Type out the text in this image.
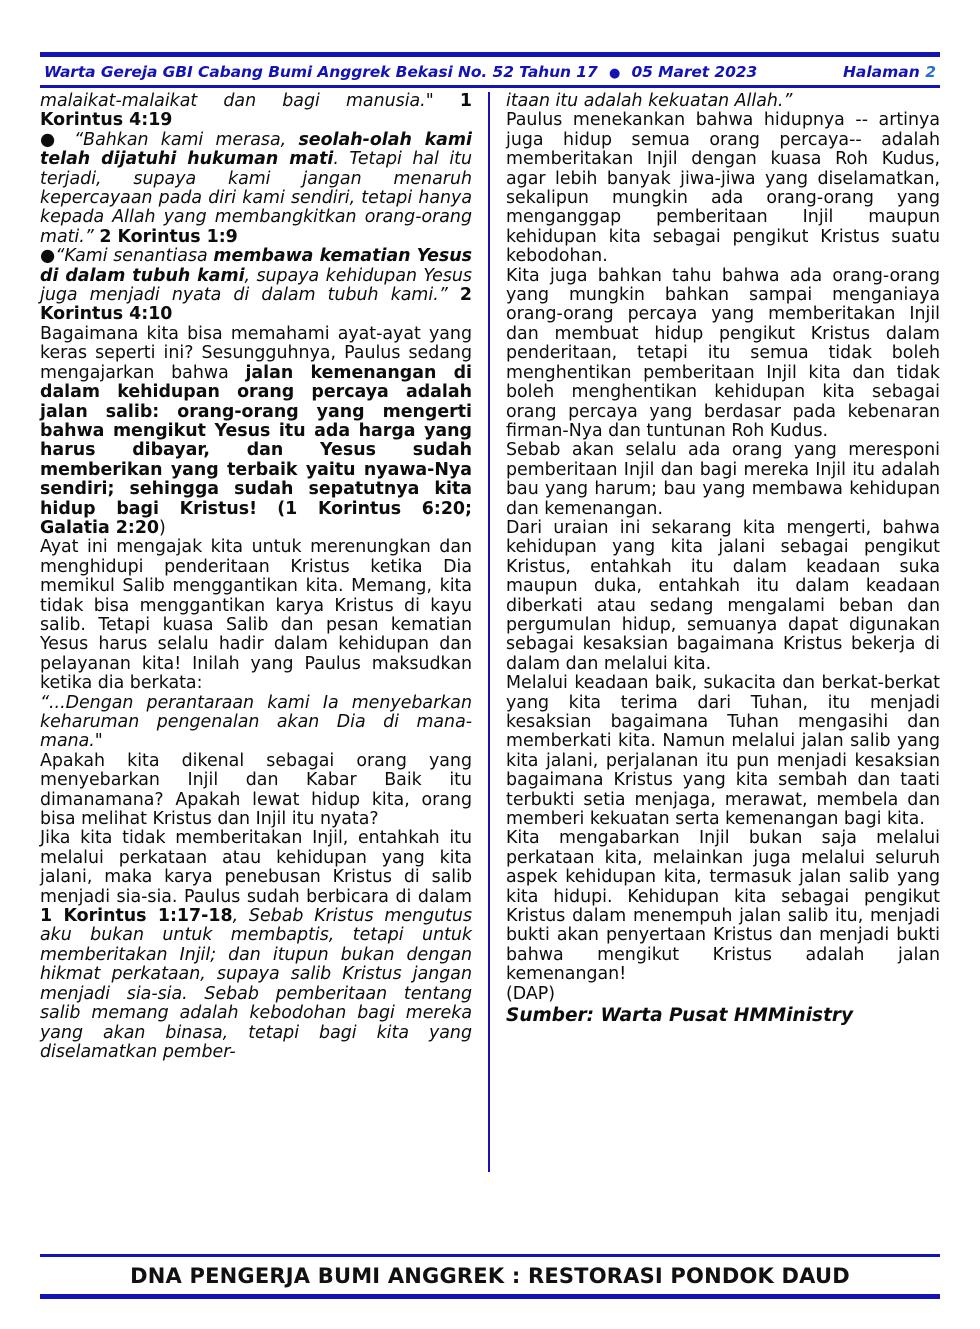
Warta Gereja GBI Cabang Bumi Anggrek Bekasi No. 52 Tahun 17 ● 05 Maret 2023	Halaman 2

malaikat-malaikat dan bagi manusia." 1 Korintus 4:19

● “Bahkan kami merasa, seolah-olah kami telah dijatuhi hukuman mati. Tetapi hal itu terjadi, supaya kami jangan menaruh kepercayaan pada diri kami sendiri, tetapi hanya kepada Allah yang membangkitkan orang-orang mati.” 2 Korintus 1:9

●“Kami senantiasa membawa kematian Yesus di dalam tubuh kami, supaya kehidupan Yesus juga menjadi nyata di dalam tubuh kami.” 2 Korintus 4:10

Bagaimana kita bisa memahami ayat-ayat yang keras seperti ini? Sesungguhnya, Paulus sedang mengajarkan bahwa jalan kemenangan di dalam kehidupan orang percaya adalah jalan salib: orang-orang yang mengerti bahwa mengikut Yesus itu ada harga yang harus dibayar, dan Yesus sudah memberikan yang terbaik yaitu nyawa-Nya sendiri; sehingga sudah sepatutnya kita hidup bagi Kristus! (1 Korintus 6:20; Galatia 2:20)

Ayat ini mengajak kita untuk merenungkan dan menghidupi penderitaan Kristus ketika Dia memikul Salib menggantikan kita. Memang, kita tidak bisa menggantikan karya Kristus di kayu salib. Tetapi kuasa Salib dan pesan kematian Yesus harus selalu hadir dalam kehidupan dan pelayanan kita! Inilah yang Paulus maksudkan ketika dia berkata:

“...Dengan perantaraan kami Ia menyebarkan keharuman pengenalan akan Dia di mana-mana."

Apakah kita dikenal sebagai orang yang menyebarkan Injil dan Kabar Baik itu dimanamana? Apakah lewat hidup kita, orang bisa melihat Kristus dan Injil itu nyata?

Jika kita tidak memberitakan Injil, entahkah itu melalui perkataan atau kehidupan yang kita jalani, maka karya penebusan Kristus di salib menjadi sia-sia. Paulus sudah berbicara di dalam 1 Korintus 1:17-18, Sebab Kristus mengutus aku bukan untuk membaptis, tetapi untuk memberitakan Injil; dan itupun bukan dengan hikmat perkataan, supaya salib Kristus jangan menjadi sia-sia. Sebab pemberitaan tentang salib memang adalah kebodohan bagi mereka yang akan binasa, tetapi bagi kita yang diselamatkan pember-

itaan itu adalah kekuatan Allah.”

Paulus menekankan bahwa hidupnya -- artinya juga hidup semua orang percaya-- adalah memberitakan Injil dengan kuasa Roh Kudus, agar lebih banyak jiwa-jiwa yang diselamatkan, sekalipun mungkin ada orang-orang yang menganggap pemberitaan Injil maupun kehidupan kita sebagai pengikut Kristus suatu kebodohan.

Kita juga bahkan tahu bahwa ada orang-orang yang mungkin bahkan sampai menganiaya orang-orang percaya yang memberitakan Injil dan membuat hidup pengikut Kristus dalam penderitaan, tetapi itu semua tidak boleh menghentikan pemberitaan Injil kita dan tidak boleh menghentikan kehidupan kita sebagai orang percaya yang berdasar pada kebenaran firman-Nya dan tuntunan Roh Kudus.

Sebab akan selalu ada orang yang meresponi pemberitaan Injil dan bagi mereka Injil itu adalah bau yang harum; bau yang membawa kehidupan dan kemenangan.

Dari uraian ini sekarang kita mengerti, bahwa kehidupan yang kita jalani sebagai pengikut Kristus, entahkah itu dalam keadaan suka maupun duka, entahkah itu dalam keadaan diberkati atau sedang mengalami beban dan pergumulan hidup, semuanya dapat digunakan sebagai kesaksian bagaimana Kristus bekerja di dalam dan melalui kita.

Melalui keadaan baik, sukacita dan berkat-berkat yang kita terima dari Tuhan, itu menjadi kesaksian bagaimana Tuhan mengasihi dan memberkati kita. Namun melalui jalan salib yang kita jalani, perjalanan itu pun menjadi kesaksian bagaimana Kristus yang kita sembah dan taati terbukti setia menjaga, merawat, membela dan memberi kekuatan serta kemenangan bagi kita.

Kita mengabarkan Injil bukan saja melalui perkataan kita, melainkan juga melalui seluruh aspek kehidupan kita, termasuk jalan salib yang kita hidupi. Kehidupan kita sebagai pengikut Kristus dalam menempuh jalan salib itu, menjadi bukti akan penyertaan Kristus dan menjadi bukti bahwa mengikut Kristus adalah jalan kemenangan!

(DAP)

Sumber: Warta Pusat HMMinistry

DNA PENGERJA BUMI ANGGREK : RESTORASI PONDOK DAUD
